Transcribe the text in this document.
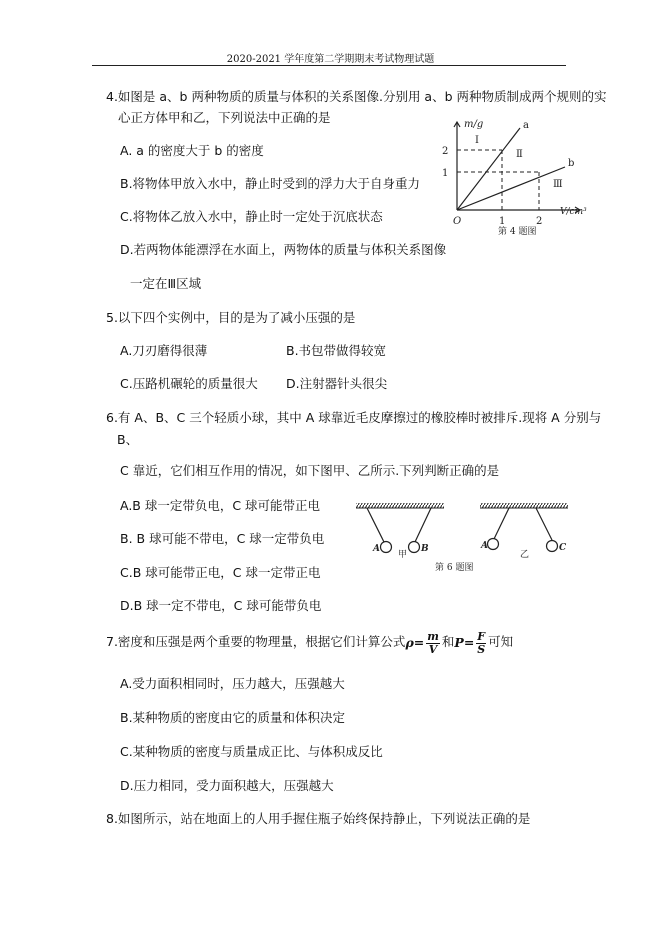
2020-2021 学年度第二学期期末考试物理试题
4.如图是 a、b 两种物质的质量与体积的关系图像.分别用 a、b 两种物质制成两个规则的实
心正方体甲和乙，下列说法中正确的是
A. a 的密度大于 b 的密度
B.将物体甲放入水中，静止时受到的浮力大于自身重力
C.将物体乙放入水中，静止时一定处于沉底状态
D.若两物体能漂浮在水面上，两物体的质量与体积关系图像
一定在Ⅲ区域
m/g	a
b
Ⅰ
Ⅱ
Ⅲ
2
1
O	1	2
V/cm³
第 4 题图
5.以下四个实例中，目的是为了减小压强的是
A.刀刃磨得很薄	B.书包带做得较宽
C.压路机碾轮的质量很大 D.注射器针头很尖
6.有 A、B、C 三个轻质小球，其中 A 球靠近毛皮摩擦过的橡胶棒时被排斥.现将 A 分别与
B、
C 靠近，它们相互作用的情况，如下图甲、乙所示.下列判断正确的是
A.B 球一定带负电，C 球可能带正电
B. B 球可能不带电，C 球一定带负电
C.B 球可能带正电，C 球一定带正电
D.B 球一定不带电，C 球可能带负电
A	B	A	C
甲	乙
第 6 题图
7.密度和压强是两个重要的物理量，根据它们计算公式$\rho= \frac{m}{V}$ 和$P= \frac{F}{S}$ 可知
A.受力面积相同时，压力越大，压强越大
B.某种物质的密度由它的质量和体积决定
C.某种物质的密度与质量成正比、与体积成反比
D.压力相同，受力面积越大，压强越大
8.如图所示，站在地面上的人用手握住瓶子始终保持静止，下列说法正确的是
